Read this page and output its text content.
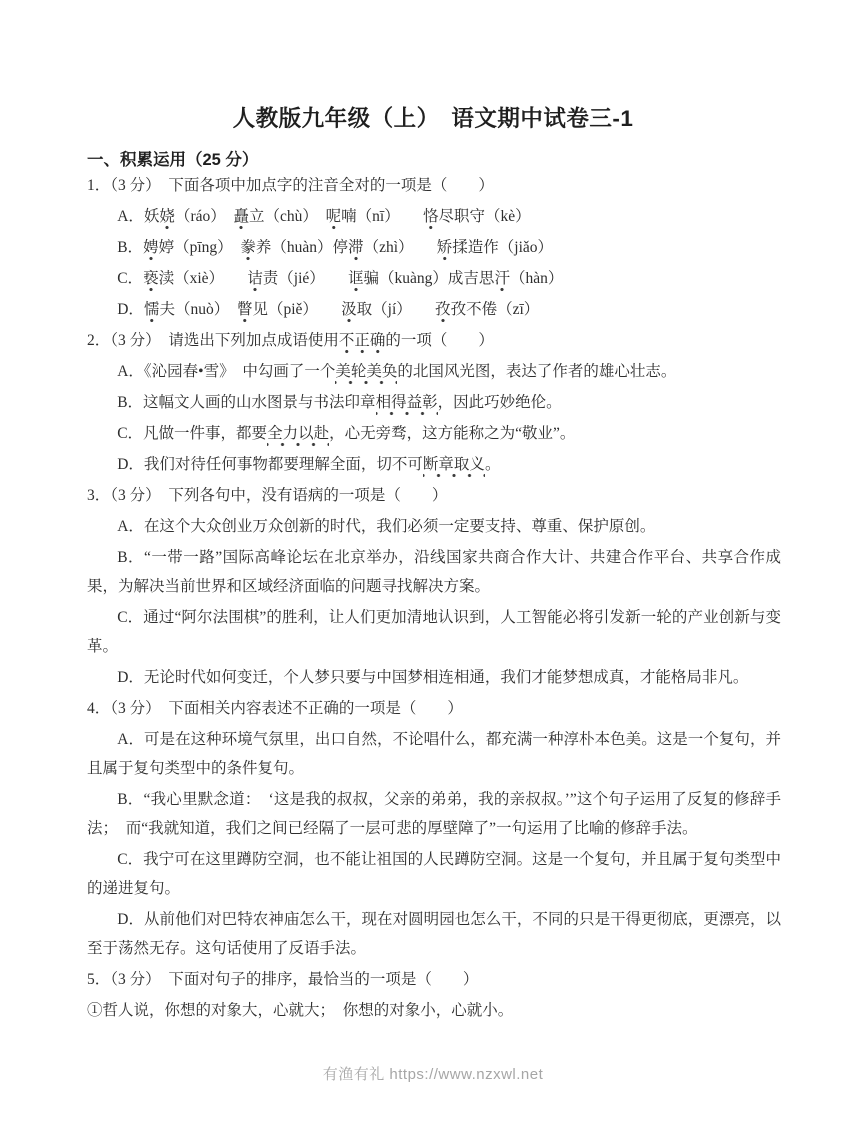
人教版九年级（上）　语文期中试卷三-1
一、积累运用（25 分）

1．（3 分）　下面各项中加点字的注音全对的一项是（　　）

A．妖娆（ráo）　矗立（chù）　呢喃（nī）　　恪尽职守（kè）

B．娉婷（pīng）　豢养（huàn）停滞（zhì）　　矫揉造作（jiǎo）

C．亵渎（xiè）　　诘责（jié）　　诓骗（kuàng）成吉思汗（hàn）

D．懦夫（nuò）　瞥见（piě）　　汲取（jí）　　孜孜不倦（zī）

2．（3 分）　请选出下列加点成语使用不正确的一项（　　）

A．《沁园春•雪》　中勾画了一个美轮美奂的北国风光图，表达了作者的雄心壮志。

B．这幅文人画的山水图景与书法印章相得益彰，因此巧妙绝伦。

C．凡做一件事，都要全力以赴，心无旁骛，这方能称之为“敬业”。

D．我们对待任何事物都要理解全面，切不可断章取义。

3．（3 分）　下列各句中，没有语病的一项是（　　）

A．在这个大众创业万众创新的时代，我们必须一定要支持、尊重、保护原创。

B．“一带一路”国际高峰论坛在北京举办，沿线国家共商合作大计、共建合作平台、共享合作成果，为解决当前世界和区域经济面临的问题寻找解决方案。

C．通过“阿尔法围棋”的胜利，让人们更加清地认识到，人工智能必将引发新一轮的产业创新与变革。

D．无论时代如何变迁，个人梦只要与中国梦相连相通，我们才能梦想成真，才能格局非凡。

4．（3 分）　下面相关内容表述不正确的一项是（　　）

A．可是在这种环境气氛里，出口自然，不论唱什么，都充满一种淳朴本色美。这是一个复句，并且属于复句类型中的条件复句。

B．“我心里默念道：　‘这是我的叔叔，父亲的弟弟，我的亲叔叔。’”这个句子运用了反复的修辞手法；　而“我就知道，我们之间已经隔了一层可悲的厚壁障了”一句运用了比喻的修辞手法。

C．我宁可在这里蹲防空洞，也不能让祖国的人民蹲防空洞。这是一个复句，并且属于复句类型中的递进复句。

D．从前他们对巴特农神庙怎么干，现在对圆明园也怎么干，不同的只是干得更彻底，更漂亮，以至于荡然无存。这句话使用了反语手法。

5．（3 分）　下面对句子的排序，最恰当的一项是（　　）

①哲人说，你想的对象大，心就大；　你想的对象小，心就小。

有渔有礼 https://www.nzxwl.net
